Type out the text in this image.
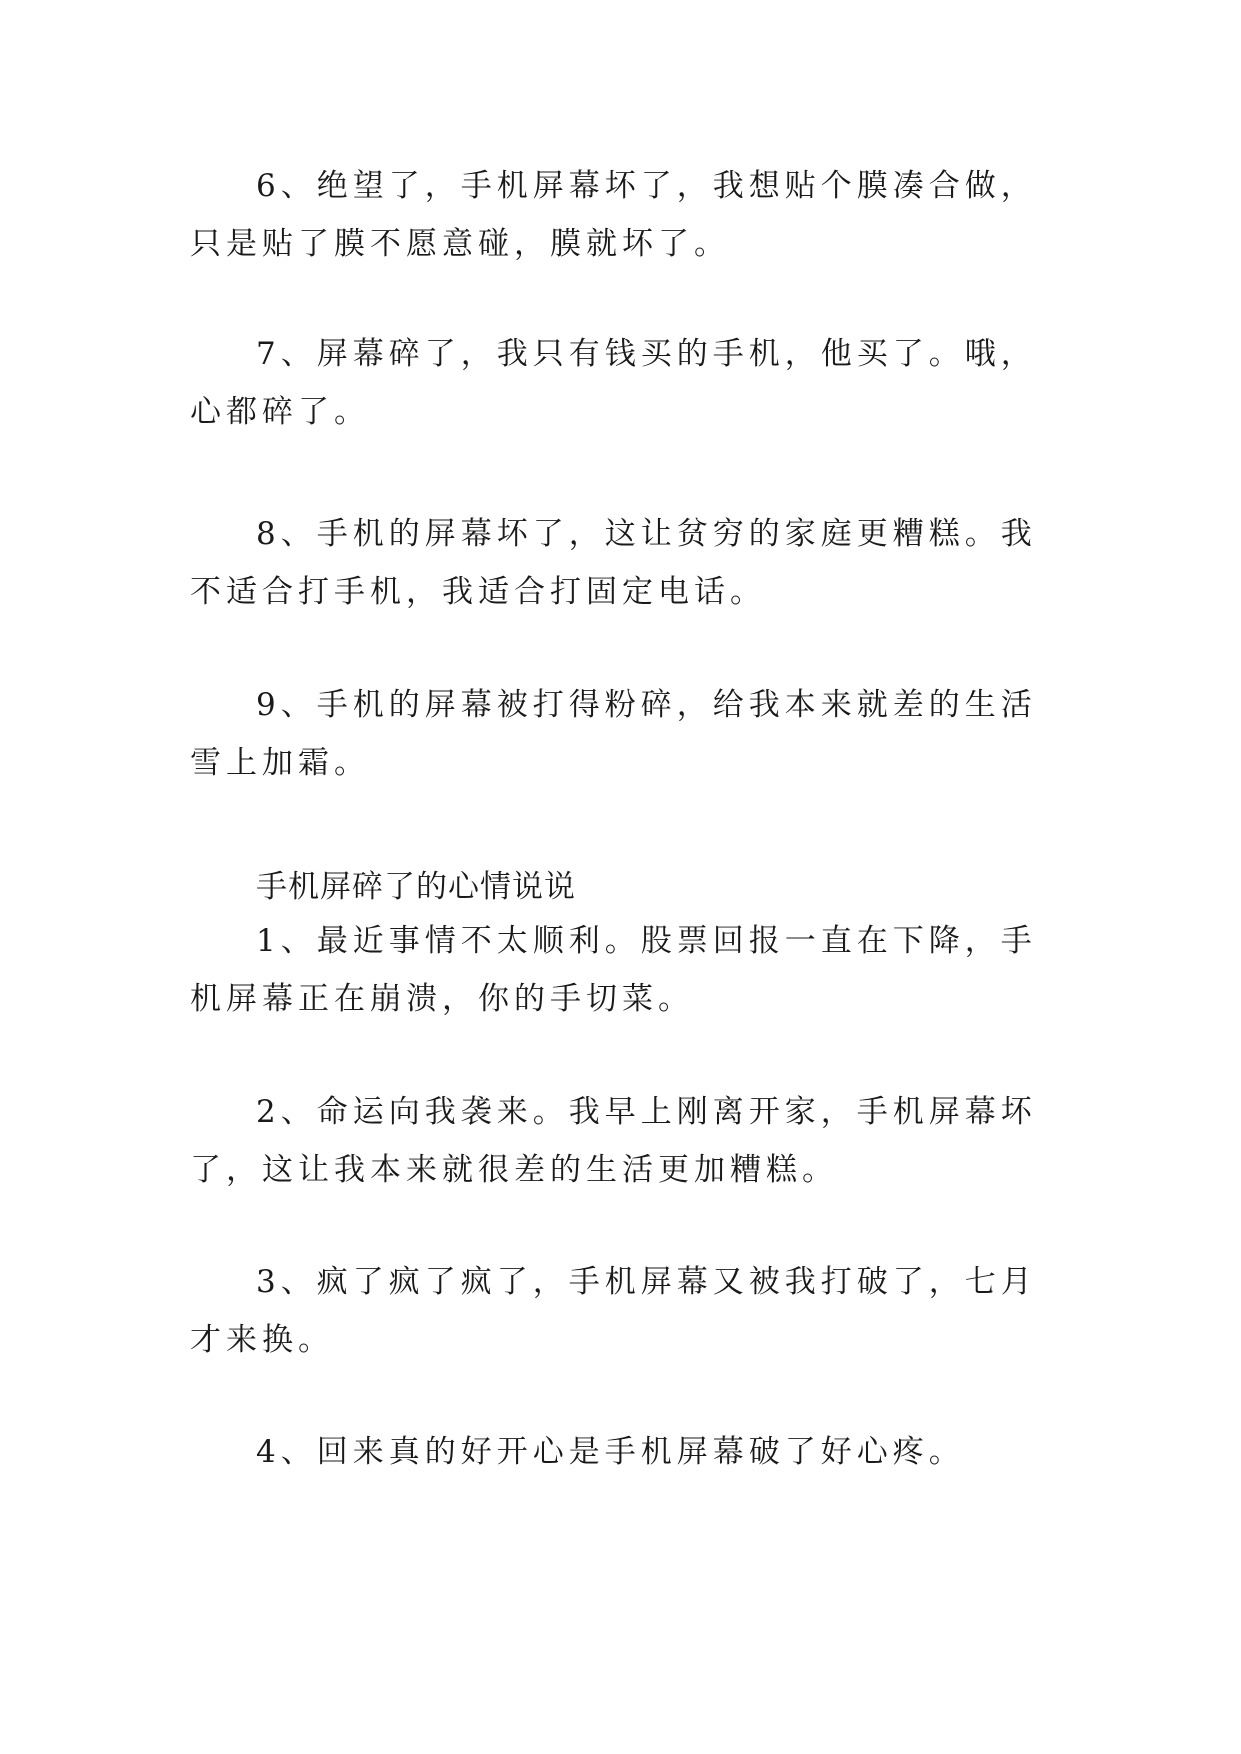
6、绝望了，手机屏幕坏了，我想贴个膜凑合做，只是贴了膜不愿意碰，膜就坏了。

7、屏幕碎了，我只有钱买的手机，他买了。哦，心都碎了。

8、手机的屏幕坏了，这让贫穷的家庭更糟糕。我不适合打手机，我适合打固定电话。

9、手机的屏幕被打得粉碎，给我本来就差的生活雪上加霜。

手机屏碎了的心情说说

1、最近事情不太顺利。股票回报一直在下降，手机屏幕正在崩溃，你的手切菜。

2、命运向我袭来。我早上刚离开家，手机屏幕坏了，这让我本来就很差的生活更加糟糕。

3、疯了疯了疯了，手机屏幕又被我打破了，七月才来换。

4、回来真的好开心是手机屏幕破了好心疼。
